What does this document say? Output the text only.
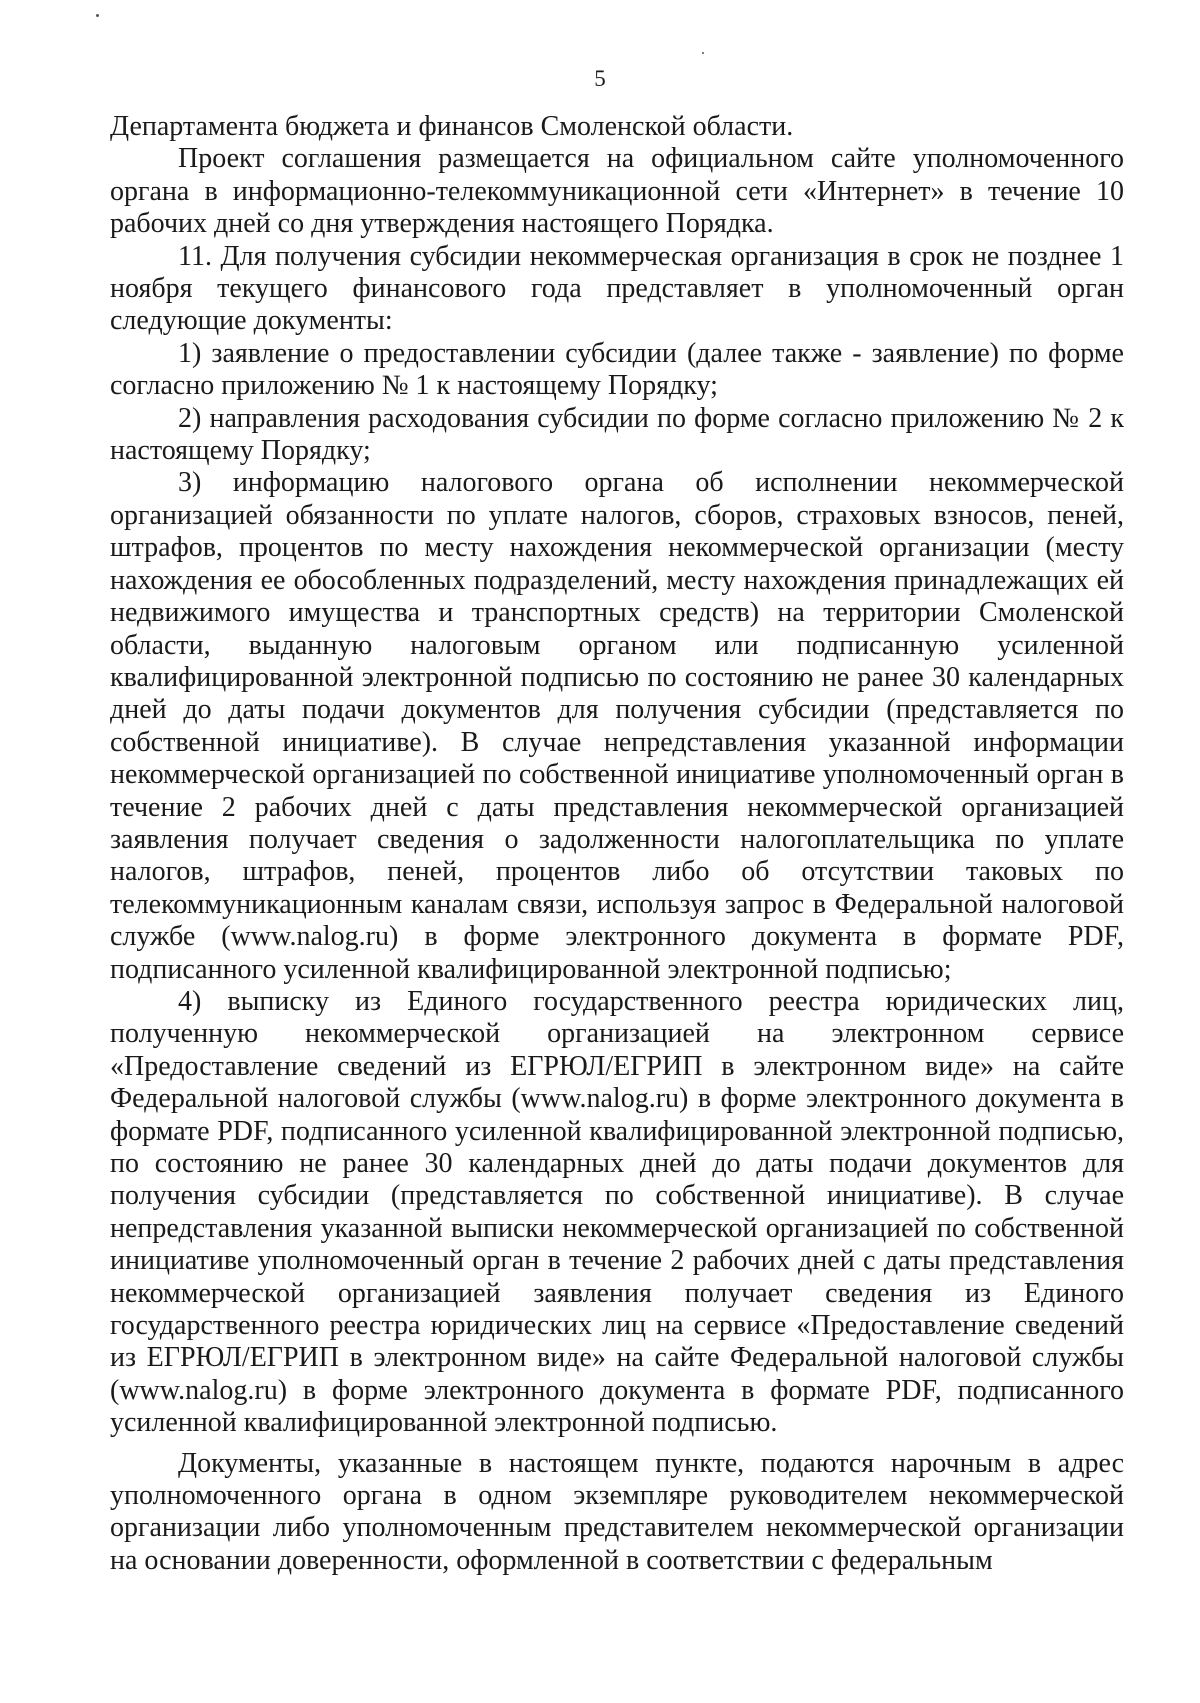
5

Департамента бюджета и финансов Смоленской области.

Проект соглашения размещается на официальном сайте уполномоченного органа в информационно-телекоммуникационной сети «Интернет» в течение 10 рабочих дней со дня утверждения настоящего Порядка.

11. Для получения субсидии некоммерческая организация в срок не позднее 1 ноября текущего финансового года представляет в уполномоченный орган следующие документы:

1) заявление о предоставлении субсидии (далее также - заявление) по форме согласно приложению № 1 к настоящему Порядку;

2) направления расходования субсидии по форме согласно приложению № 2 к настоящему Порядку;

3) информацию налогового органа об исполнении некоммерческой организацией обязанности по уплате налогов, сборов, страховых взносов, пеней, штрафов, процентов по месту нахождения некоммерческой организации (месту нахождения ее обособленных подразделений, месту нахождения принадлежащих ей недвижимого имущества и транспортных средств) на территории Смоленской области, выданную налоговым органом или подписанную усиленной квалифицированной электронной подписью по состоянию не ранее 30 календарных дней до даты подачи документов для получения субсидии (представляется по собственной инициативе). В случае непредставления указанной информации некоммерческой организацией по собственной инициативе уполномоченный орган в течение 2 рабочих дней с даты представления некоммерческой организацией заявления получает сведения о задолженности налогоплательщика по уплате налогов, штрафов, пеней, процентов либо об отсутствии таковых по телекоммуникационным каналам связи, используя запрос в Федеральной налоговой службе (www.nalog.ru) в форме электронного документа в формате PDF, подписанного усиленной квалифицированной электронной подписью;

4) выписку из Единого государственного реестра юридических лиц, полученную некоммерческой организацией на электронном сервисе «Предоставление сведений из ЕГРЮЛ/ЕГРИП в электронном виде» на сайте Федеральной налоговой службы (www.nalog.ru) в форме электронного документа в формате PDF, подписанного усиленной квалифицированной электронной подписью, по состоянию не ранее 30 календарных дней до даты подачи документов для получения субсидии (представляется по собственной инициативе). В случае непредставления указанной выписки некоммерческой организацией по собственной инициативе уполномоченный орган в течение 2 рабочих дней с даты представления некоммерческой организацией заявления получает сведения из Единого государственного реестра юридических лиц на сервисе «Предоставление сведений из ЕГРЮЛ/ЕГРИП в электронном виде» на сайте Федеральной налоговой службы (www.nalog.ru) в форме электронного документа в формате PDF, подписанного усиленной квалифицированной электронной подписью.

Документы, указанные в настоящем пункте, подаются нарочным в адрес уполномоченного органа в одном экземпляре руководителем некоммерческой организации либо уполномоченным представителем некоммерческой организации на основании доверенности, оформленной в соответствии с федеральным
